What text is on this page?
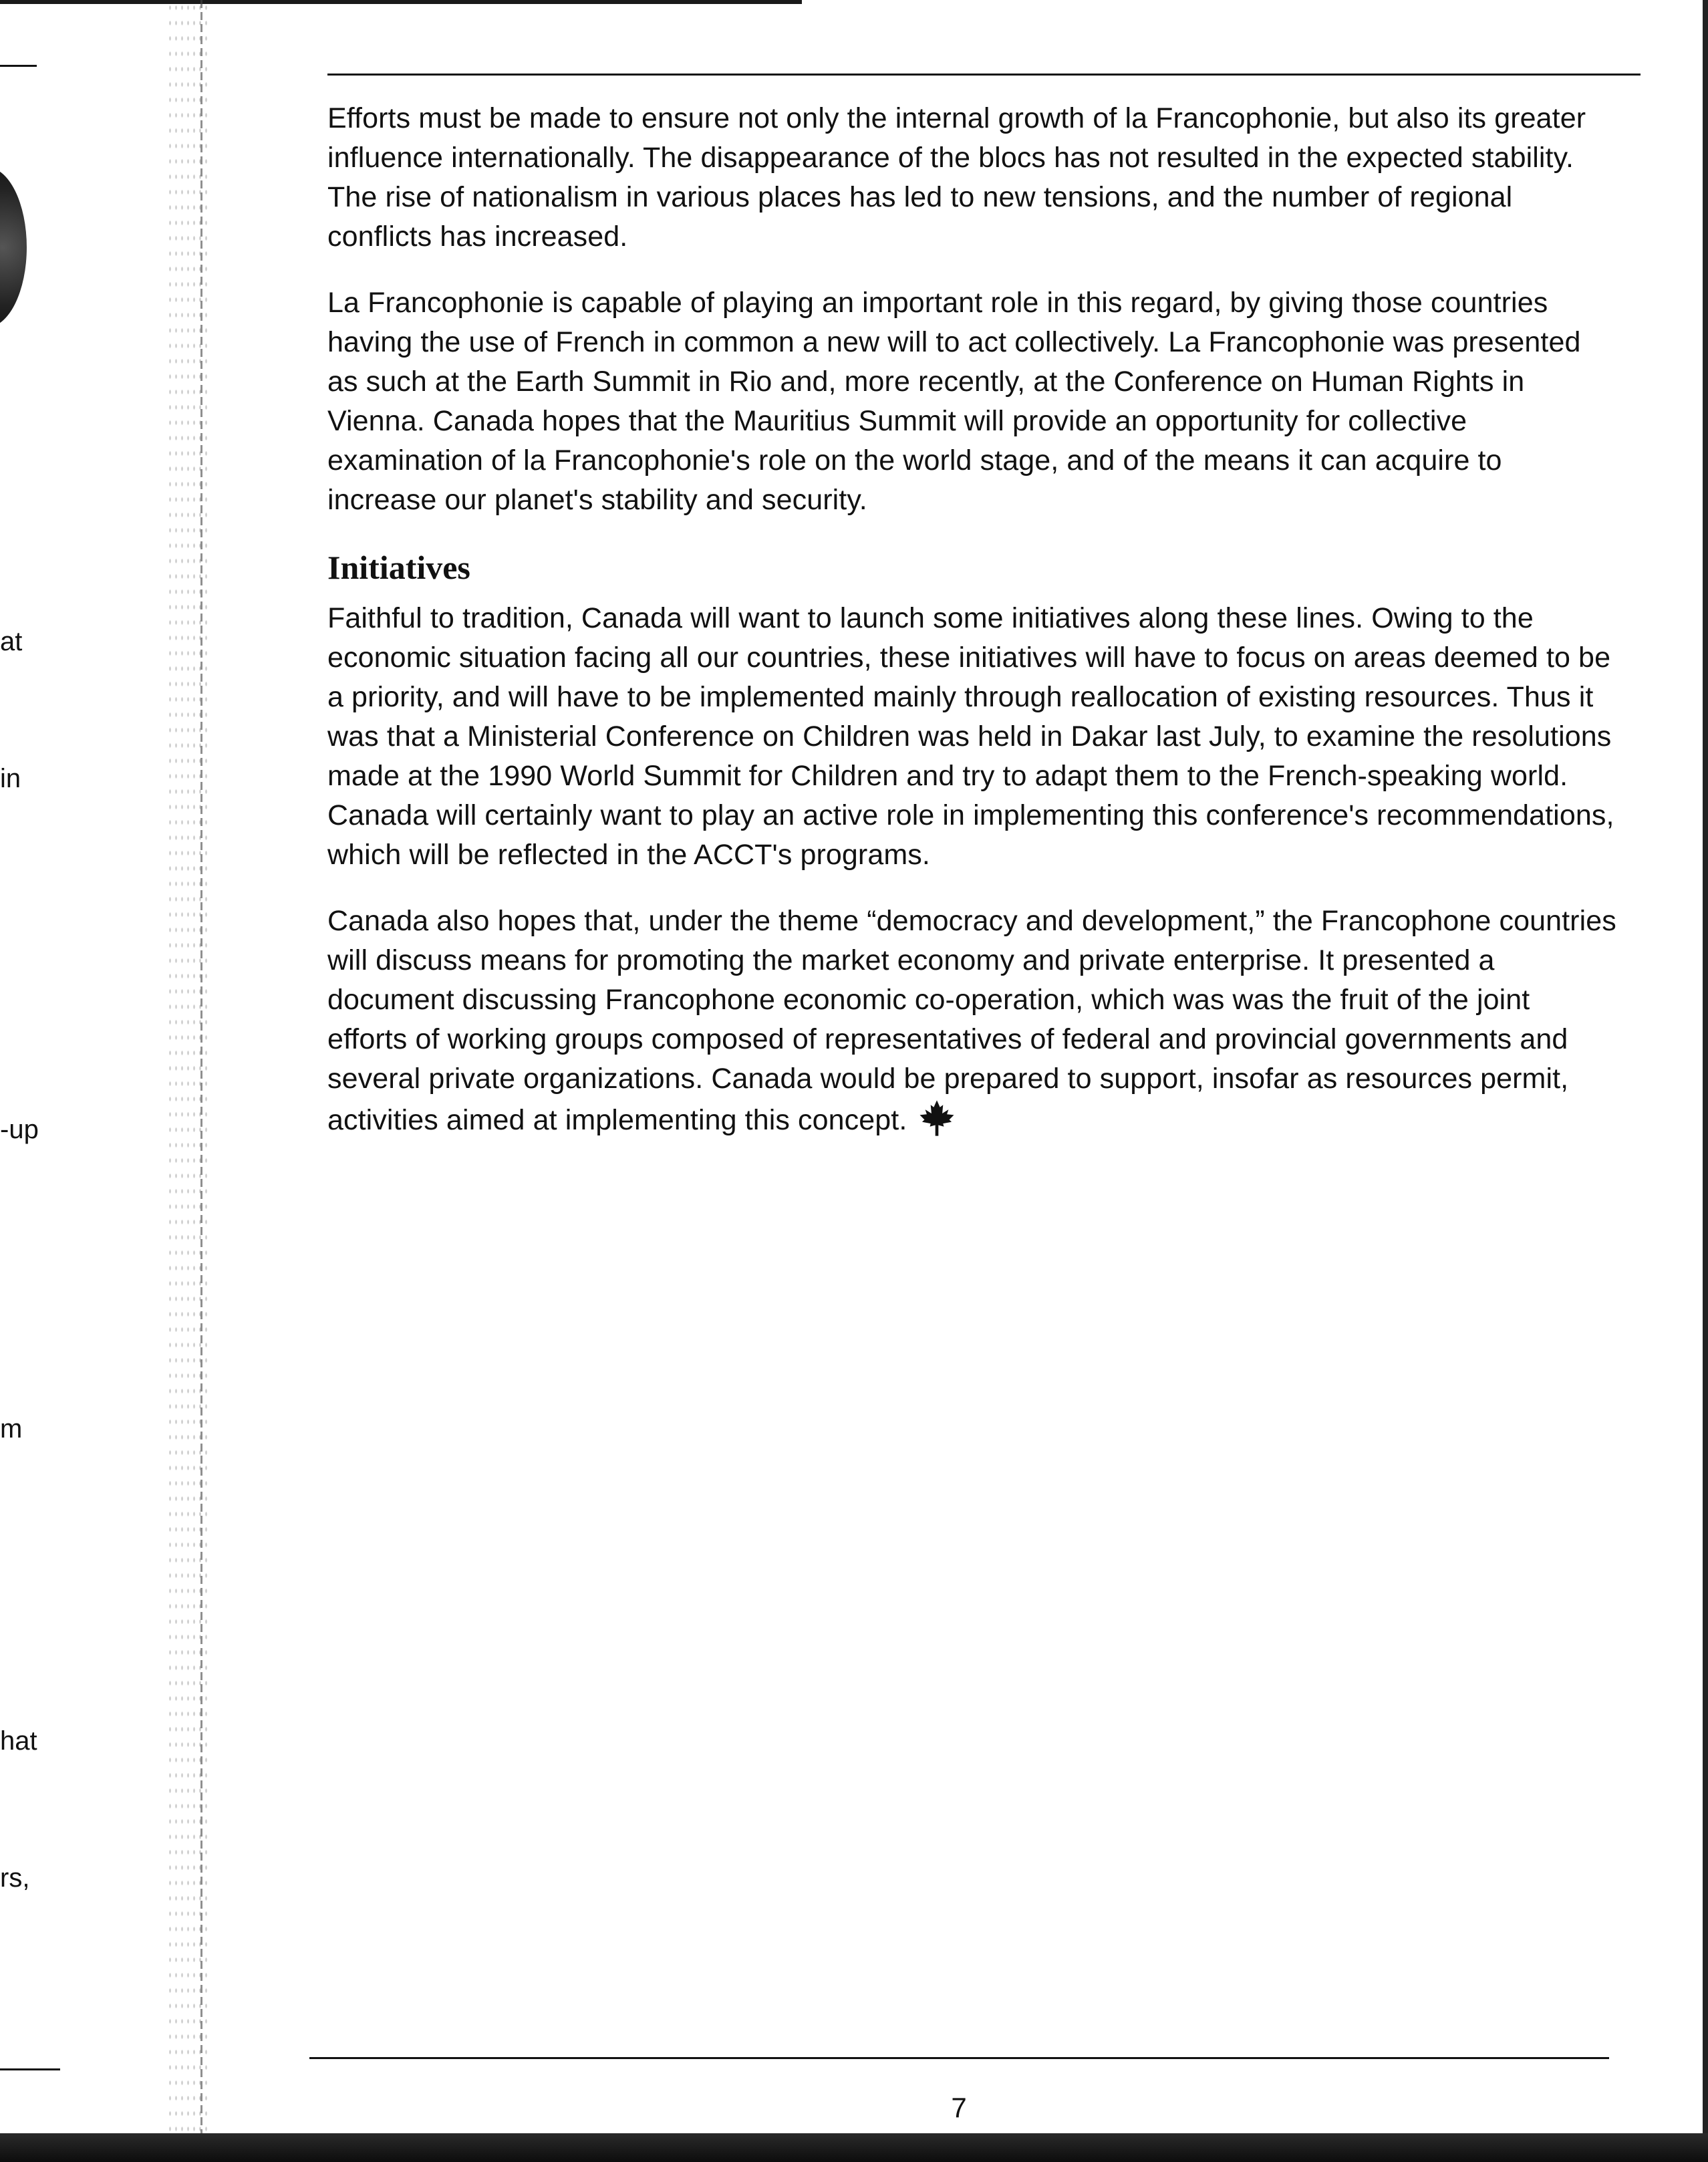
at
in
-up
m
hat
rs,

Efforts must be made to ensure not only the internal growth of la Francophonie, but also its greater influence internationally. The disappearance of the blocs has not resulted in the expected stability. The rise of nationalism in various places has led to new tensions, and the number of regional conflicts has increased.

La Francophonie is capable of playing an important role in this regard, by giving those countries having the use of French in common a new will to act collectively. La Francophonie was presented as such at the Earth Summit in Rio and, more recently, at the Conference on Human Rights in Vienna. Canada hopes that the Mauritius Summit will provide an opportunity for collective examination of la Francophonie's role on the world stage, and of the means it can acquire to increase our planet's stability and security.

Initiatives

Faithful to tradition, Canada will want to launch some initiatives along these lines. Owing to the economic situation facing all our countries, these initiatives will have to focus on areas deemed to be a priority, and will have to be implemented mainly through reallocation of existing resources. Thus it was that a Ministerial Conference on Children was held in Dakar last July, to examine the resolutions made at the 1990 World Summit for Children and try to adapt them to the French-speaking world. Canada will certainly want to play an active role in implementing this conference's recommendations, which will be reflected in the ACCT's programs.

Canada also hopes that, under the theme “democracy and development,” the Francophone countries will discuss means for promoting the market economy and private enterprise. It presented a document discussing Francophone economic co-operation, which was was the fruit of the joint efforts of working groups composed of representatives of federal and provincial governments and several private organizations. Canada would be prepared to support, insofar as resources permit, activities aimed at implementing this concept.

7
